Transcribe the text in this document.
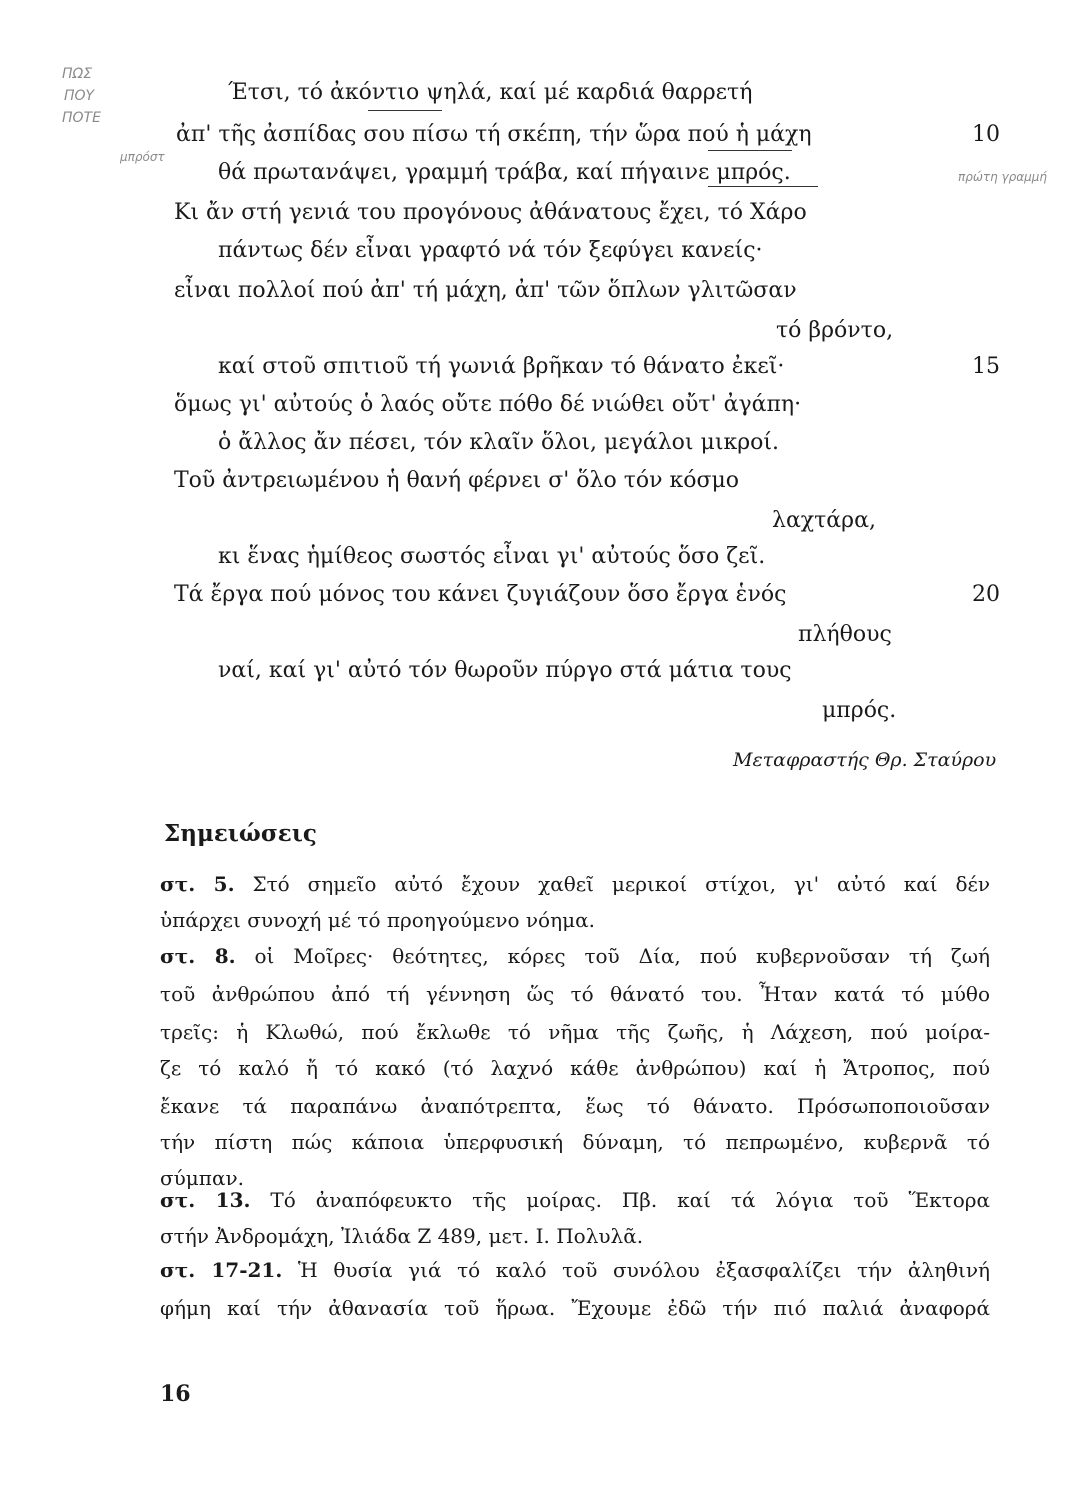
ΠΩΣ
ΠΟΥ
ΠΟΤΕ
μπρόστ
πρώτη γραμμή
Έτσι, τό ἀκόντιο ψηλά, καί μέ καρδιά θαρρετή
ἀπ' τῆς ἀσπίδας σου πίσω τή σκέπη, τήν ὥρα πού ἡ μάχη
θά πρωτανάψει, γραμμή τράβα, καί πήγαινε μπρός.
Κι ἄν στή γενιά του προγόνους ἀθάνατους ἔχει, τό Χάρο
πάντως δέν εἶναι γραφτό νά τόν ξεφύγει κανείς·
εἶναι πολλοί πού ἀπ' τή μάχη, ἀπ' τῶν ὅπλων γλιτῶσαν
τό βρόντο,
καί στοῦ σπιτιοῦ τή γωνιά βρῆκαν τό θάνατο ἐκεῖ·
ὅμως γι' αὐτούς ὁ λαός οὔτε πόθο δέ νιώθει οὔτ' ἀγάπη·
ὁ ἄλλος ἄν πέσει, τόν κλαῖν ὅλοι, μεγάλοι μικροί.
Τοῦ ἀντρειωμένου ἡ θανή φέρνει σ' ὅλο τόν κόσμο
λαχτάρα,
κι ἕνας ἡμίθεος σωστός εἶναι γι' αὐτούς ὅσο ζεῖ.
Τά ἔργα πού μόνος του κάνει ζυγιάζουν ὅσο ἔργα ἑνός
πλήθους
ναί, καί γι' αὐτό τόν θωροῦν πύργο στά μάτια τους
μπρός.
10
15
20
Μεταφραστής Θρ. Σταύρου
Σημειώσεις
στ. 5. Στό σημεῖο αὐτό ἔχουν χαθεῖ μερικοί στίχοι, γι' αὐτό καί δέν
ὑπάρχει συνοχή μέ τό προηγούμενο νόημα.
στ. 8. οἱ Μοῖρες· θεότητες, κόρες τοῦ Δία, πού κυβερνοῦσαν τή ζωή
τοῦ ἀνθρώπου ἀπό τή γέννηση ὥς τό θάνατό του. Ἦταν κατά τό μύθο
τρεῖς: ἡ Κλωθώ, πού ἔκλωθε τό νῆμα τῆς ζωῆς, ἡ Λάχεση, πού μοίρα-
ζε τό καλό ἤ τό κακό (τό λαχνό κάθε ἀνθρώπου) καί ἡ Ἄτροπος, πού
ἔκανε τά παραπάνω ἀναπότρεπτα, ἕως τό θάνατο. Πρόσωποποιοῦσαν
τήν πίστη πώς κάποια ὑπερφυσική δύναμη, τό πεπρωμένο, κυβερνᾶ τό
σύμπαν.
στ. 13. Τό ἀναπόφευκτο τῆς μοίρας. Πβ. καί τά λόγια τοῦ Ἕκτορα
στήν Ἀνδρομάχη, Ἰλιάδα Ζ 489, μετ. Ι. Πολυλᾶ.
στ. 17-21. Ἡ θυσία γιά τό καλό τοῦ συνόλου ἐξασφαλίζει τήν ἀληθινή
φήμη καί τήν ἀθανασία τοῦ ἥρωα. Ἔχουμε ἐδῶ τήν πιό παλιά ἀναφορά
16
